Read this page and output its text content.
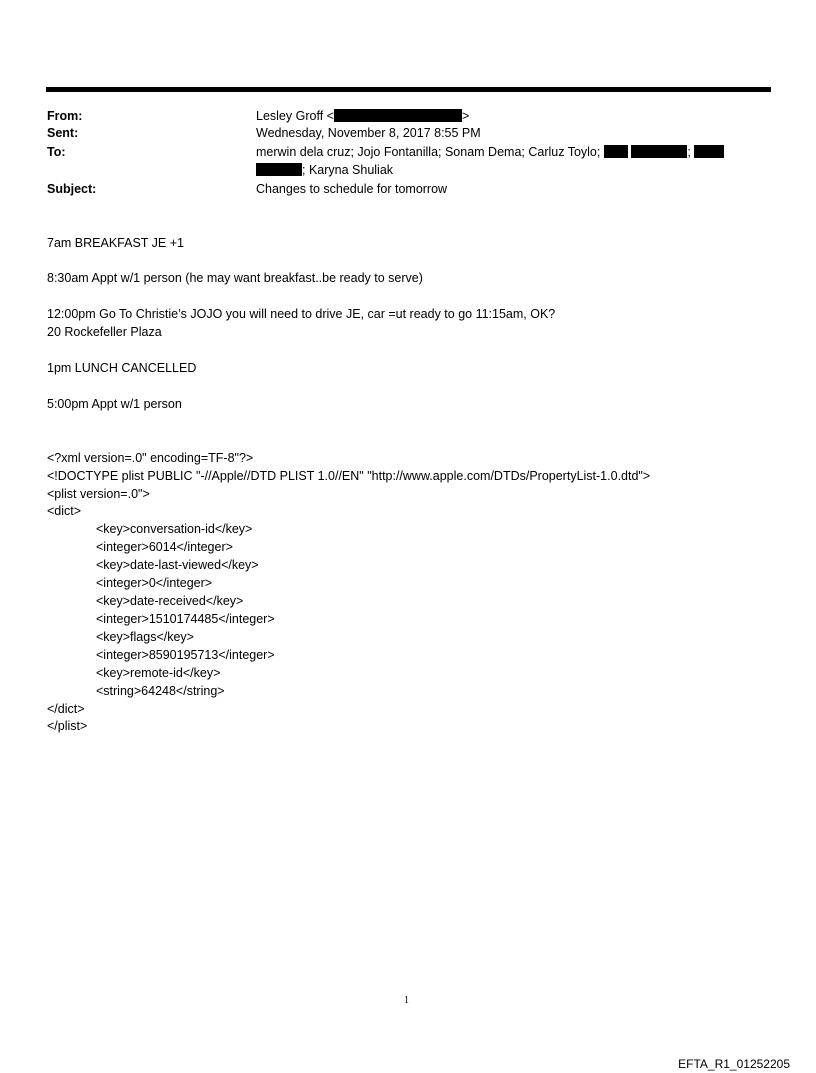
From:	Lesley Groff <	>
Sent:	Wednesday, November 8, 2017 8:55 PM
To:	merwin dela cruz; Jojo Fontanilla; Sonam Dema; Carluz Toylo;	;
; Karyna Shuliak
Subject:	Changes to schedule for tomorrow
7am BREAKFAST JE +1
8:30am Appt w/1 person (he may want breakfast..be ready to serve)
12:00pm Go To Christie’s JOJO you will need to drive JE, car =ut ready to go 11:15am, OK?
20 Rockefeller Plaza
1pm LUNCH CANCELLED
5:00pm Appt w/1 person
<?xml version=.0" encoding=TF-8"?>
<!DOCTYPE plist PUBLIC "-//Apple//DTD PLIST 1.0//EN" "http://www.apple.com/DTDs/PropertyList-1.0.dtd">
<plist version=.0">
<dict>
<key>conversation-id</key>
<integer>6014</integer>
<key>date-last-viewed</key>
<integer>0</integer>
<key>date-received</key>
<integer>1510174485</integer>
<key>flags</key>
<integer>8590195713</integer>
<key>remote-id</key>
<string>64248</string>
</dict>
</plist>
1
EFTA_R1_01252205
